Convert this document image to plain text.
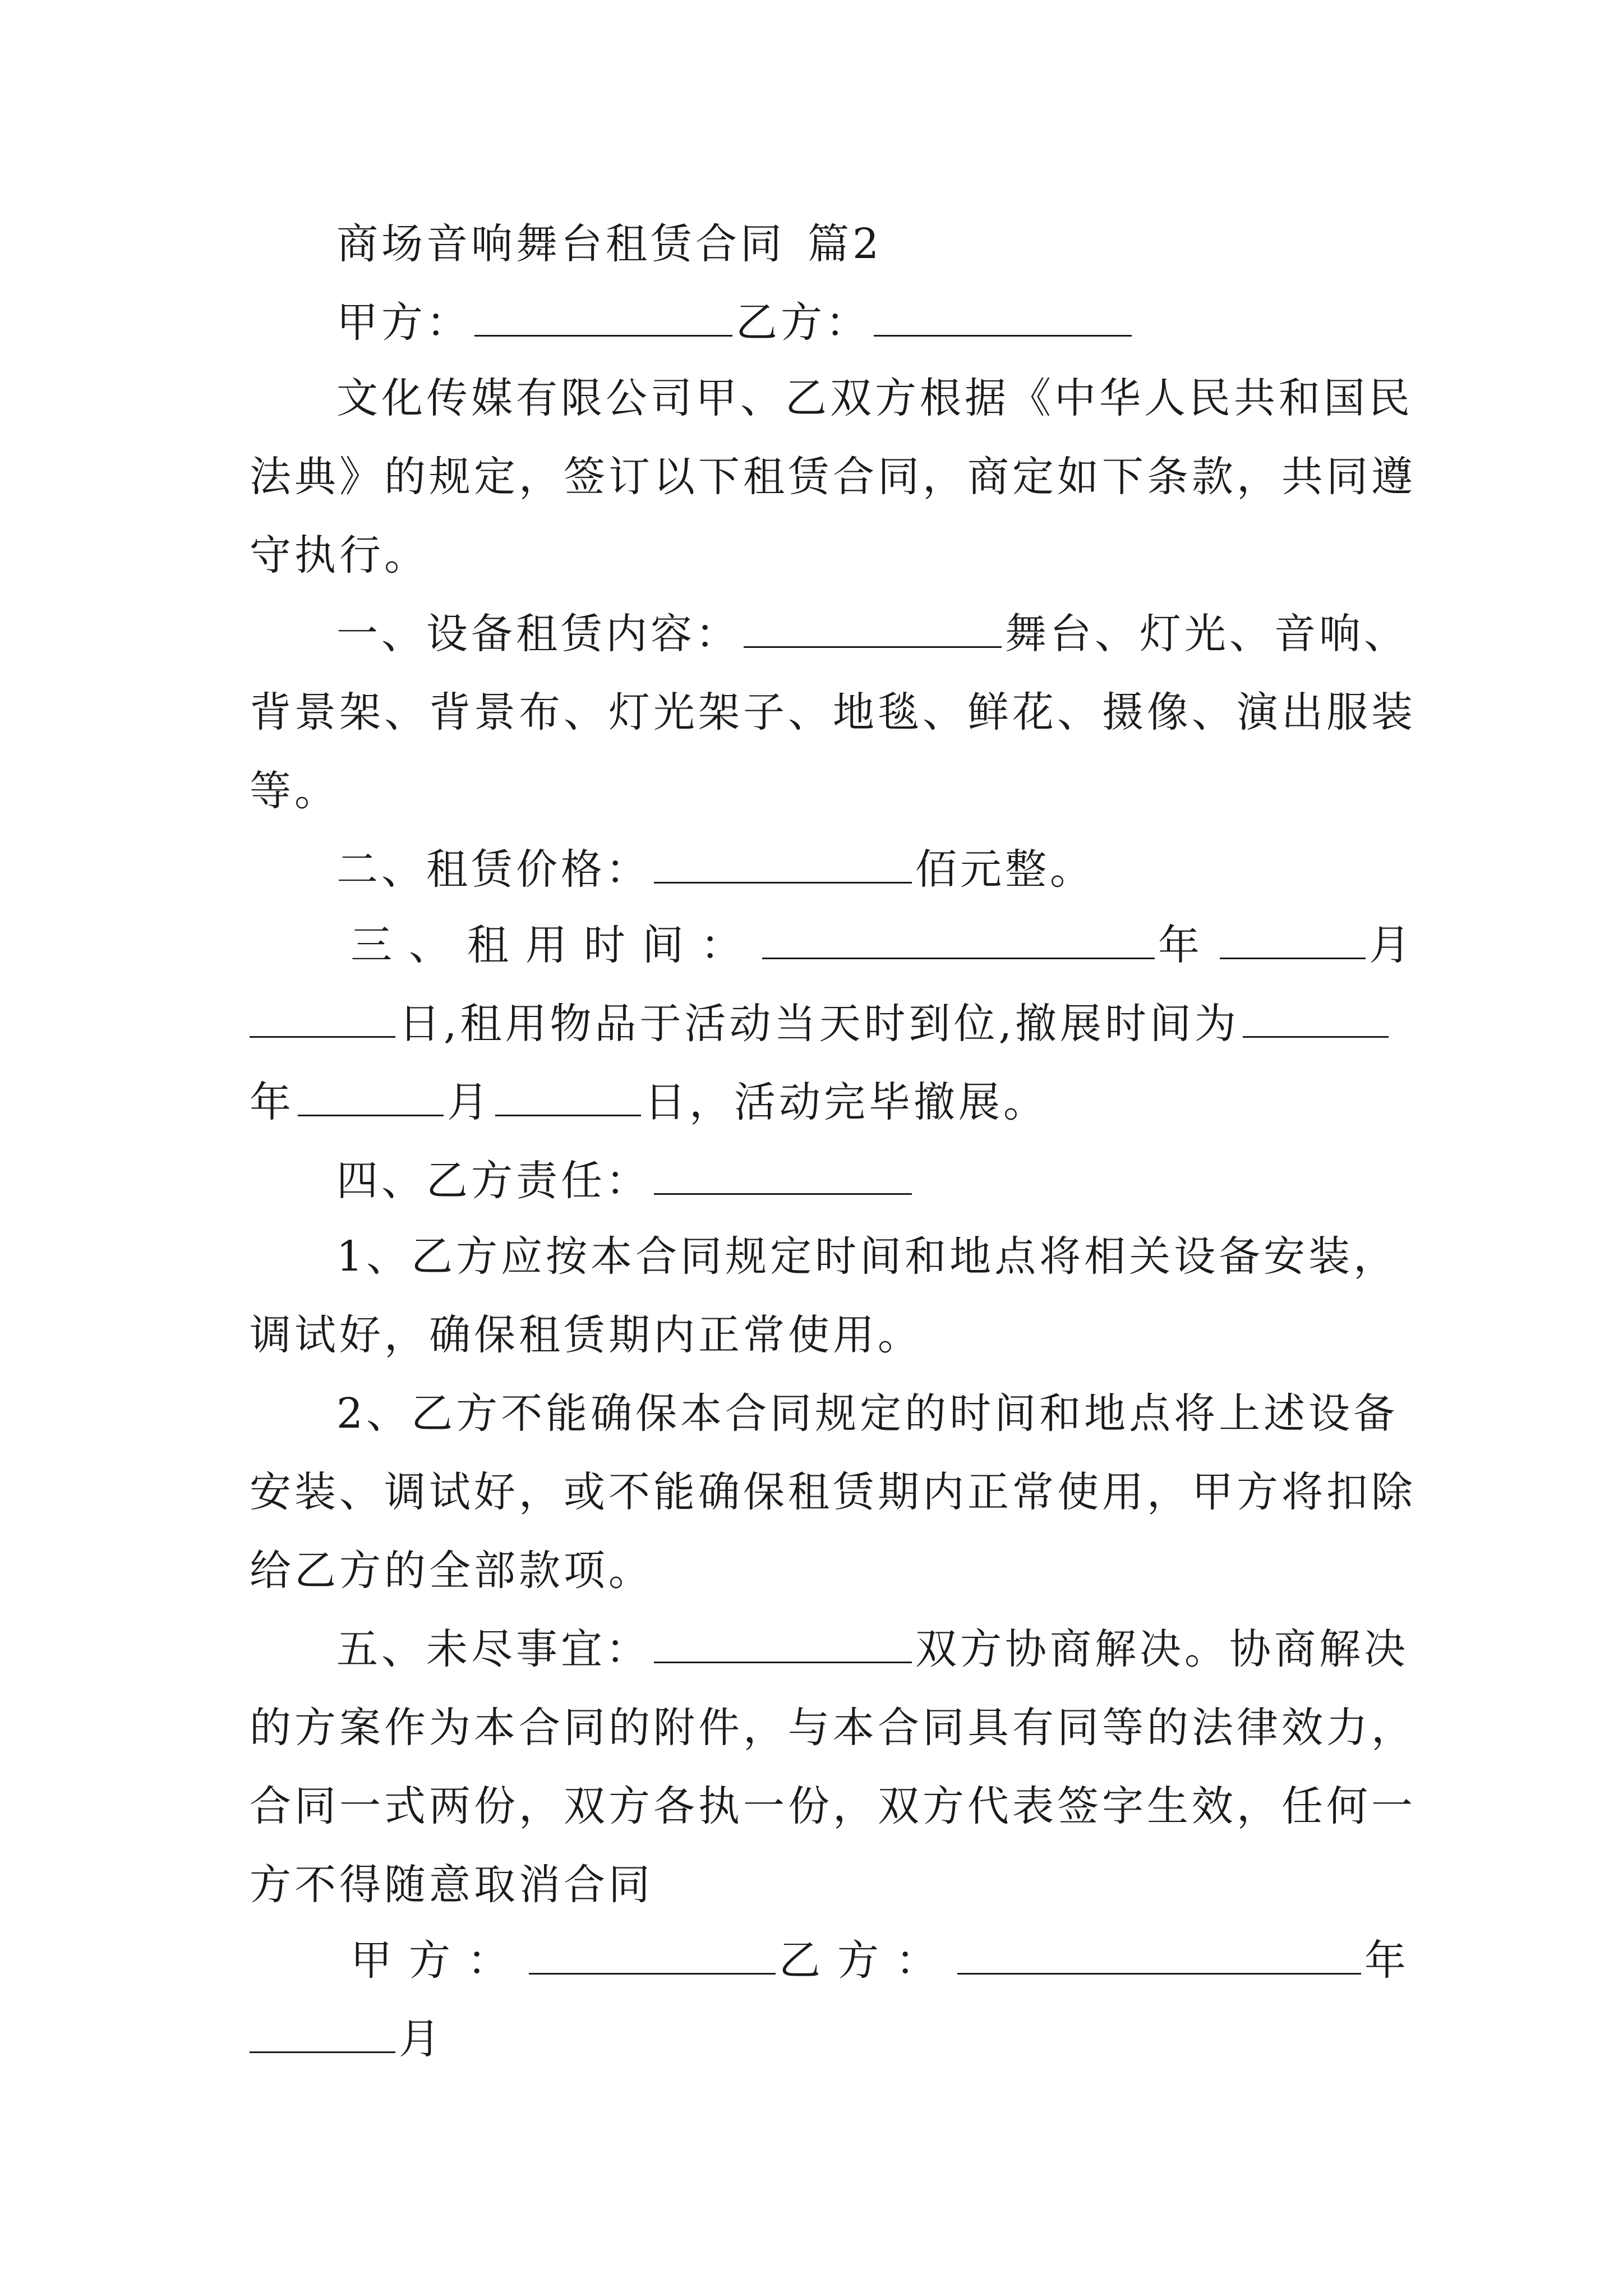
商场音响舞台租赁合同 篇2
甲方：	乙方：
文化传媒有限公司甲、乙双方根据《中华人民共和国民
法典》的规定，签订以下租赁合同，商定如下条款，共同遵
守执行。
一、设备租赁内容：	舞台、灯光、音响、
背景架、背景布、灯光架子、地毯、鲜花、摄像、演出服装
等。
二、租赁价格：	佰元整。
三、租用时间：	年	月
日,租用物品于活动当天时到位,撤展时间为
年	月	日，活动完毕撤展。
四、乙方责任：
1、乙方应按本合同规定时间和地点将相关设备安装，
调试好，确保租赁期内正常使用。
2、乙方不能确保本合同规定的时间和地点将上述设备
安装、调试好，或不能确保租赁期内正常使用，甲方将扣除
给乙方的全部款项。
五、未尽事宜：	双方协商解决。协商解决
的方案作为本合同的附件，与本合同具有同等的法律效力，
合同一式两份，双方各执一份，双方代表签字生效，任何一
方不得随意取消合同
甲方：	乙方：	年
月
